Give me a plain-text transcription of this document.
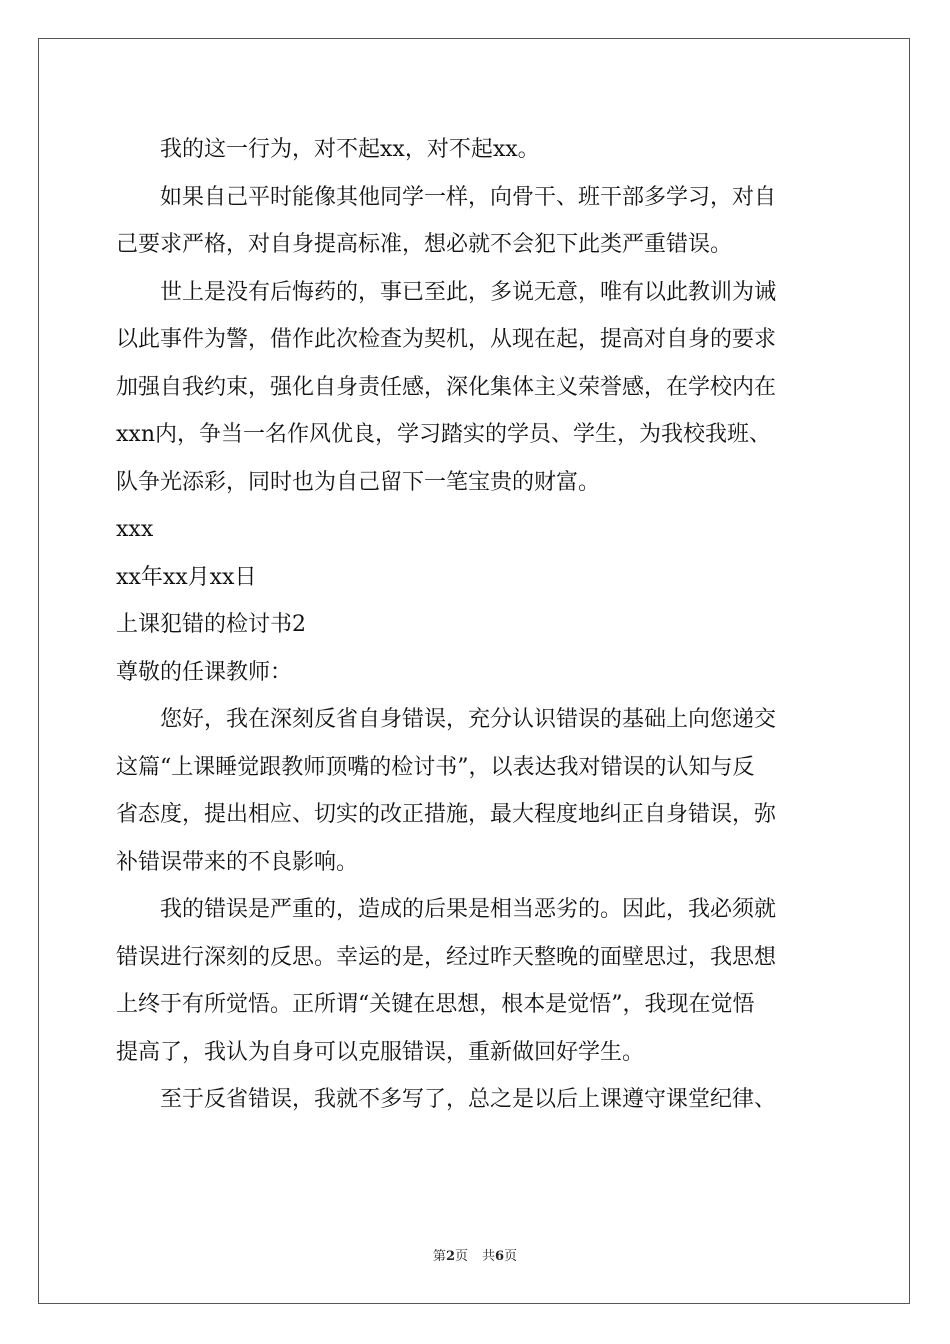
我的这一行为，对不起xx，对不起xx。
如果自己平时能像其他同学一样，向骨干、班干部多学习，对自
己要求严格，对自身提高标准，想必就不会犯下此类严重错误。
世上是没有后悔药的，事已至此，多说无意，唯有以此教训为诫
以此事件为警，借作此次检查为契机，从现在起，提高对自身的要求
加强自我约束，强化自身责任感，深化集体主义荣誉感，在学校内在
xxn内，争当一名作风优良，学习踏实的学员、学生，为我校我班、
队争光添彩，同时也为自己留下一笔宝贵的财富。
xxx
xx年xx月xx日
上课犯错的检讨书2
尊敬的任课教师：
您好，我在深刻反省自身错误，充分认识错误的基础上向您递交
这篇“上课睡觉跟教师顶嘴的检讨书”，以表达我对错误的认知与反
省态度，提出相应、切实的改正措施，最大程度地纠正自身错误，弥
补错误带来的不良影响。
我的错误是严重的，造成的后果是相当恶劣的。因此，我必须就
错误进行深刻的反思。幸运的是，经过昨天整晚的面壁思过，我思想
上终于有所觉悟。正所谓“关键在思想，根本是觉悟”，我现在觉悟
提高了，我认为自身可以克服错误，重新做回好学生。
至于反省错误，我就不多写了，总之是以后上课遵守课堂纪律、
第2页 共6页
